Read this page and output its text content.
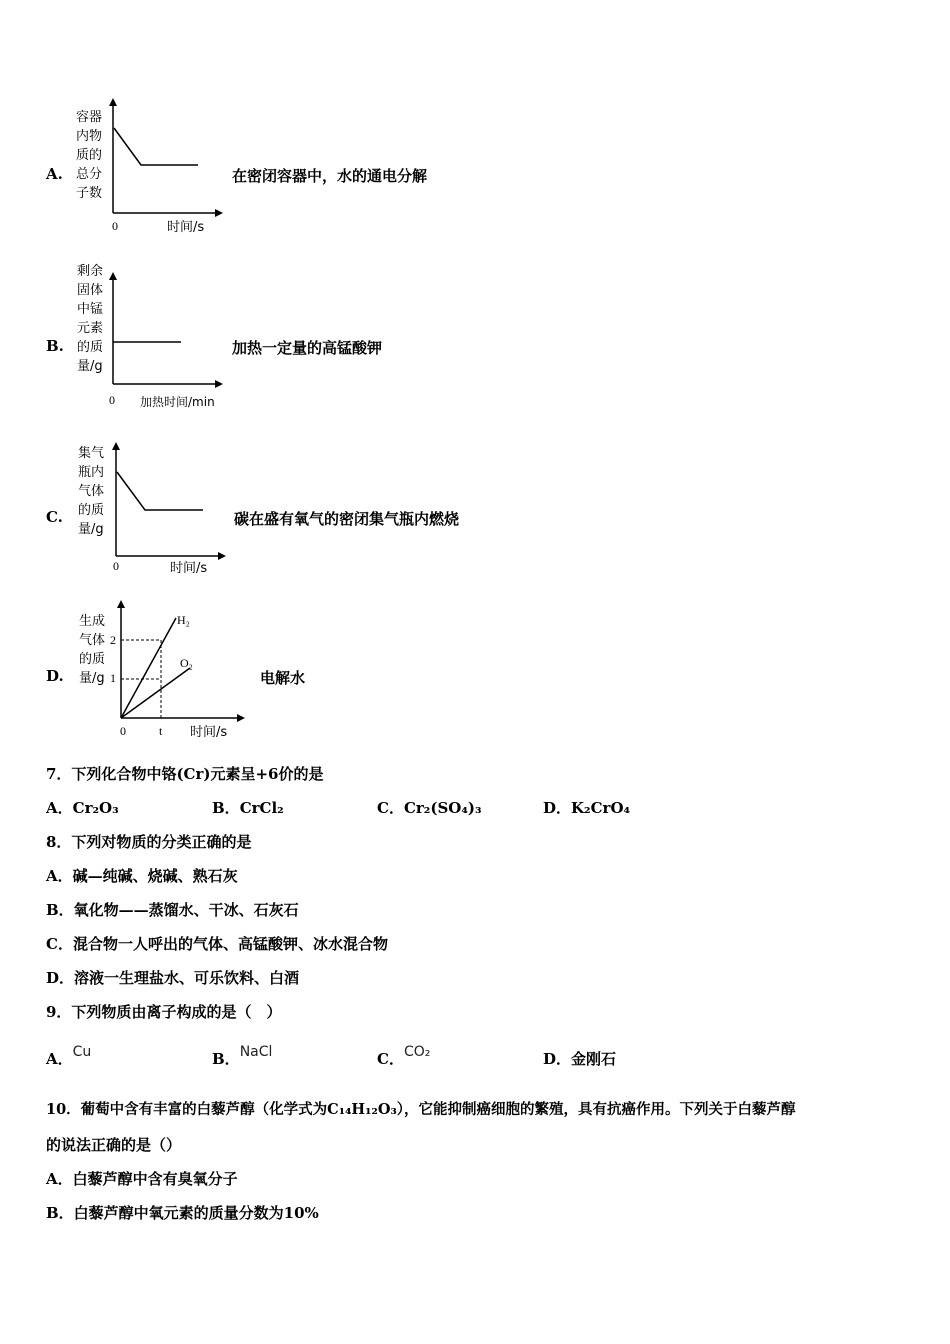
A.
容器
内物
质的
总分
子数
0	时间/s
在密闭容器中，水的通电分解
B.
剩余
固体
中锰
元素
的质
量/g
0 加热时间/min
加热一定量的高锰酸钾
C.
集气
瓶内
气体
的质
量/g
0	时间/s
碳在盛有氧气的密闭集气瓶内燃烧
D.
生成
气体
的质
量/g
2
1
0	t 时间/s
H₂
O₂
电解水
7．下列化合物中铬(Cr)元素呈+6价的是
A．Cr₂O₃	B．CrCl₂	C．Cr₂(SO₄)₃	D．K₂CrO₄
8．下列对物质的分类正确的是
A．碱—纯碱、烧碱、熟石灰
B．氧化物——蒸馏水、干冰、石灰石
C．混合物一人呼出的气体、高锰酸钾、冰水混合物
D．溶液一生理盐水、可乐饮料、白酒
9．下列物质由离子构成的是（　）
A．Cu	B．NaCl	C．CO₂	D．金刚石
10．葡萄中含有丰富的白藜芦醇（化学式为C₁₄H₁₂O₃），它能抑制癌细胞的繁殖，具有抗癌作用。下列关于白藜芦醇
的说法正确的是（）
A．白藜芦醇中含有臭氧分子
B．白藜芦醇中氧元素的质量分数为10%
